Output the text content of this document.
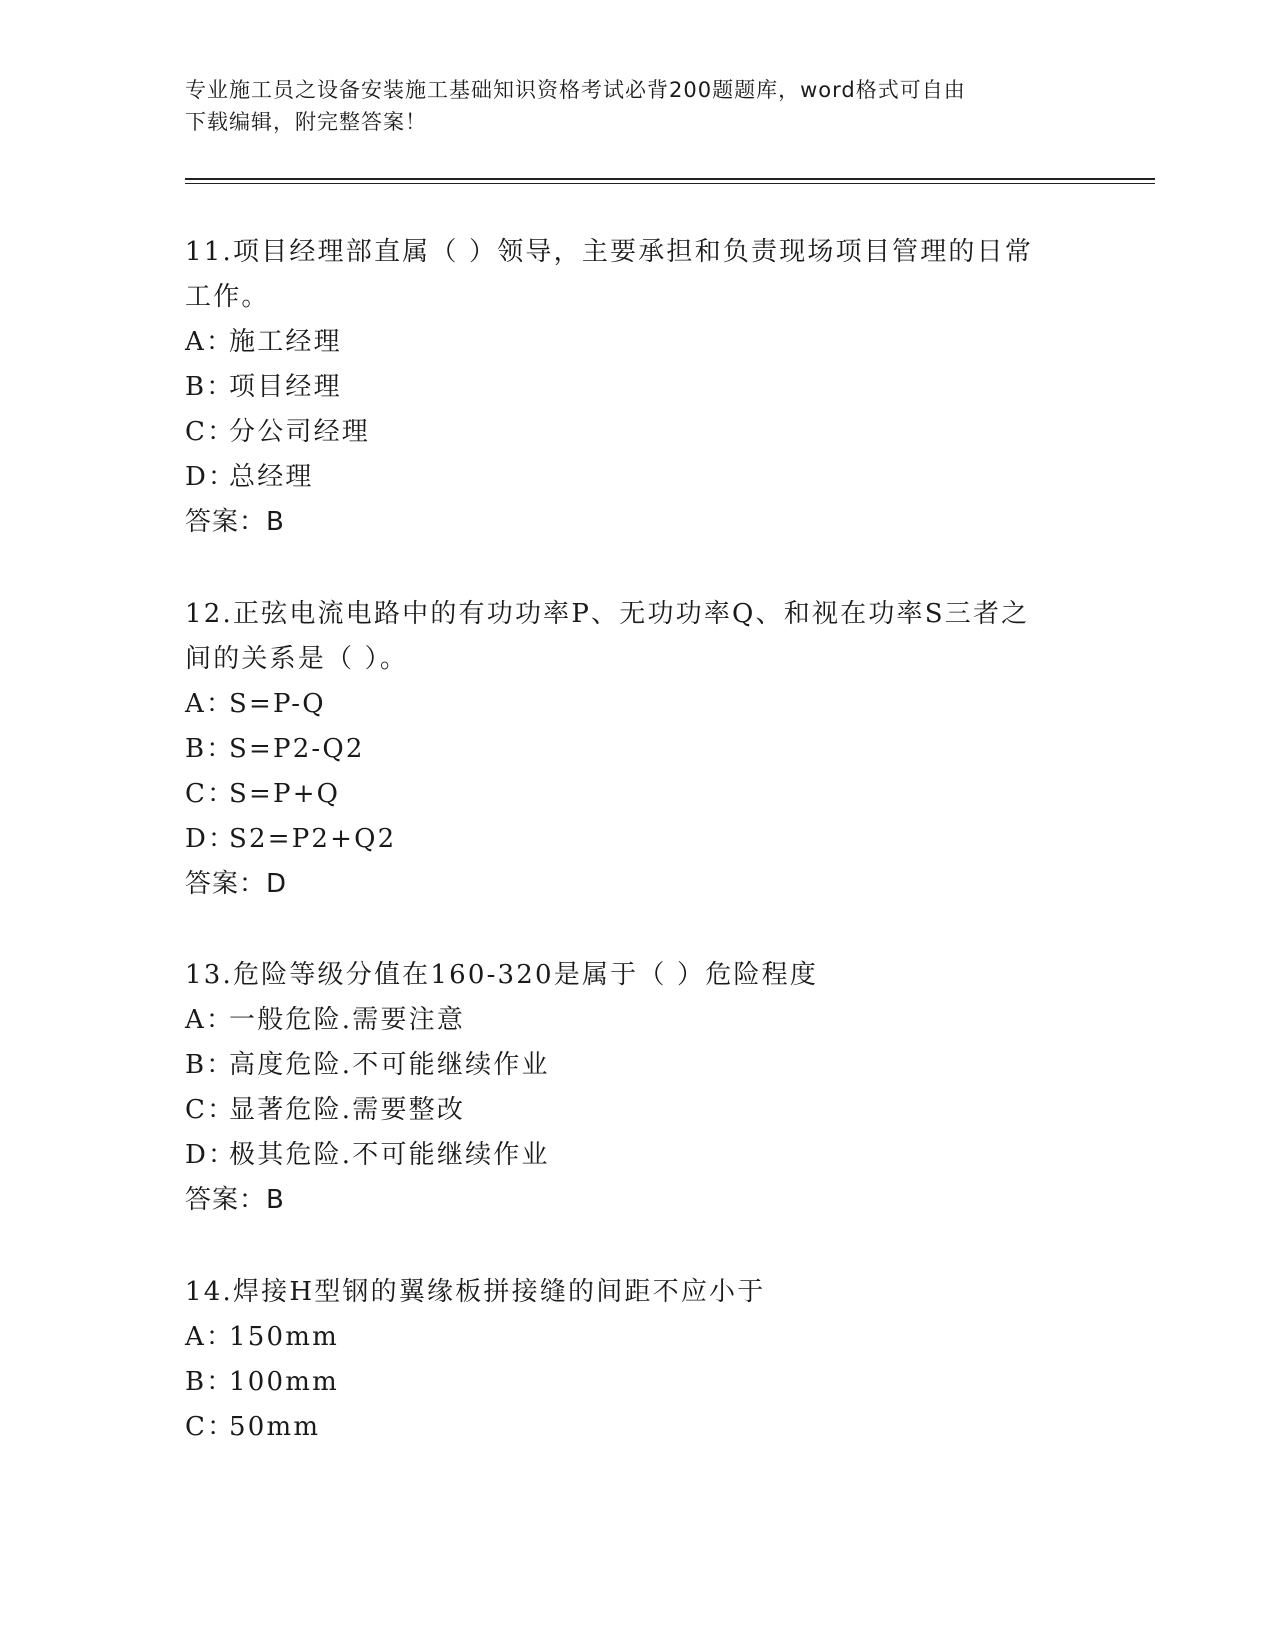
专业施工员之设备安装施工基础知识资格考试必背200题题库，word格式可自由
下载编辑，附完整答案！
11.项目经理部直属（ ）领导，主要承担和负责现场项目管理的日常
工作。
A：施工经理
B：项目经理
C：分公司经理
D：总经理
答案：B
12.正弦电流电路中的有功功率P、无功功率Q、和视在功率S三者之
间的关系是（ ）。
A：S=P-Q
B：S=P2-Q2
C：S=P+Q
D：S2=P2+Q2
答案：D
13.危险等级分值在160-320是属于（ ）危险程度
A：一般危险.需要注意
B：高度危险.不可能继续作业
C：显著危险.需要整改
D：极其危险.不可能继续作业
答案：B
14.焊接H型钢的翼缘板拼接缝的间距不应小于
A：150mm
B：100mm
C：50mm
